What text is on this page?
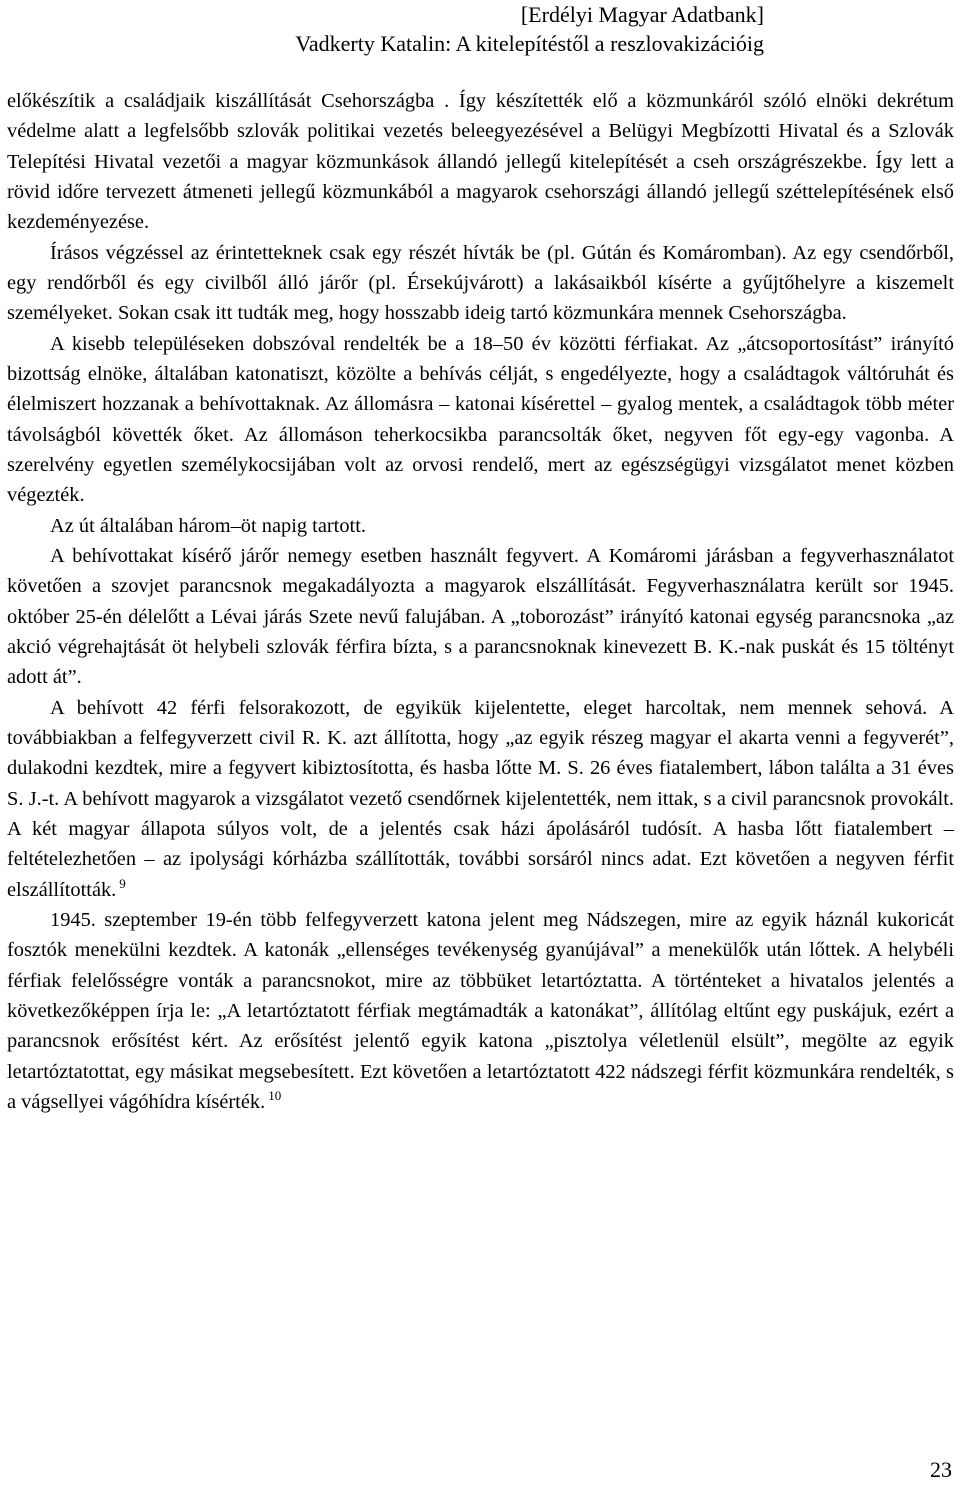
[Erdélyi Magyar Adatbank]
Vadkerty Katalin: A kitelepítéstől a reszlovakizációig

előkészítik a családjaik kiszállítását Csehországba . Így készítették elő a közmunkáról szóló elnöki dekrétum védelme alatt a legfelsőbb szlovák politikai vezetés beleegyezésével a Belügyi Megbízotti Hivatal és a Szlovák Telepítési Hivatal vezetői a magyar közmunkások állandó jellegű kitelepítését a cseh országrészekbe. Így lett a rövid időre tervezett átmeneti jellegű közmunkából a magyarok csehországi állandó jellegű széttelepítésének első kezdeményezése.

Írásos végzéssel az érintetteknek csak egy részét hívták be (pl. Gútán és Komáromban). Az egy csendőrből, egy rendőrből és egy civilből álló járőr (pl. Érsekújvárott) a lakásaikból kísérte a gyűjtőhelyre a kiszemelt személyeket. Sokan csak itt tudták meg, hogy hosszabb ideig tartó közmunkára mennek Csehországba.

A kisebb településeken dobszóval rendelték be a 18–50 év közötti férfiakat. Az „átcsoportosítást” irányító bizottság elnöke, általában katonatiszt, közölte a behívás célját, s engedélyezte, hogy a családtagok váltóruhát és élelmiszert hozzanak a behívottaknak. Az állomásra – katonai kísérettel – gyalog mentek, a családtagok több méter távolságból követték őket. Az állomáson teherkocsikba parancsolták őket, negyven főt egy-egy vagonba. A szerelvény egyetlen személykocsijában volt az orvosi rendelő, mert az egészségügyi vizsgálatot menet közben végezték.

Az út általában három–öt napig tartott.

A behívottakat kísérő járőr nemegy esetben használt fegyvert. A Komáromi járásban a fegyverhasználatot követően a szovjet parancsnok megakadályozta a magyarok elszállítását. Fegyverhasználatra került sor 1945. október 25-én délelőtt a Lévai járás Szete nevű falujában. A „toborozást” irányító katonai egység parancsnoka „az akció végrehajtását öt helybeli szlovák férfira bízta, s a parancsnoknak kinevezett B. K.-nak puskát és 15 töltényt adott át”.

A behívott 42 férfi felsorakozott, de egyikük kijelentette, eleget harcoltak, nem mennek sehová. A továbbiakban a felfegyverzett civil R. K. azt állította, hogy „az egyik részeg magyar el akarta venni a fegyverét”, dulakodni kezdtek, mire a fegyvert kibiztosította, és hasba lőtte M. S. 26 éves fiatalembert, lábon találta a 31 éves S. J.-t. A behívott magyarok a vizsgálatot vezető csendőrnek kijelentették, nem ittak, s a civil parancsnok provokált. A két magyar állapota súlyos volt, de a jelentés csak házi ápolásáról tudósít. A hasba lőtt fiatalembert – feltételezhetően – az ipolysági kórházba szállították, további sorsáról nincs adat. Ezt követően a negyven férfit elszállították. $^9$

1945. szeptember 19-én több felfegyverzett katona jelent meg Nádszegen, mire az egyik háznál kukoricát fosztók menekülni kezdtek. A katonák „ellenséges tevékenység gyanújával” a menekülők után lőttek. A helybéli férfiak felelősségre vonták a parancsnokot, mire az többüket letartóztatta. A történteket a hivatalos jelentés a következőképpen írja le: „A letartóztatott férfiak megtámadták a katonákat”, állítólag eltűnt egy puskájuk, ezért a parancsnok erősítést kért. Az erősítést jelentő egyik katona „pisztolya véletlenül elsült”, megölte az egyik letartóztatottat, egy másikat megsebesített. Ezt követően a letartóztatott 422 nádszegi férfit közmunkára rendelték, s a vágsellyei vágóhídra kísérték. $^{10}$

23
